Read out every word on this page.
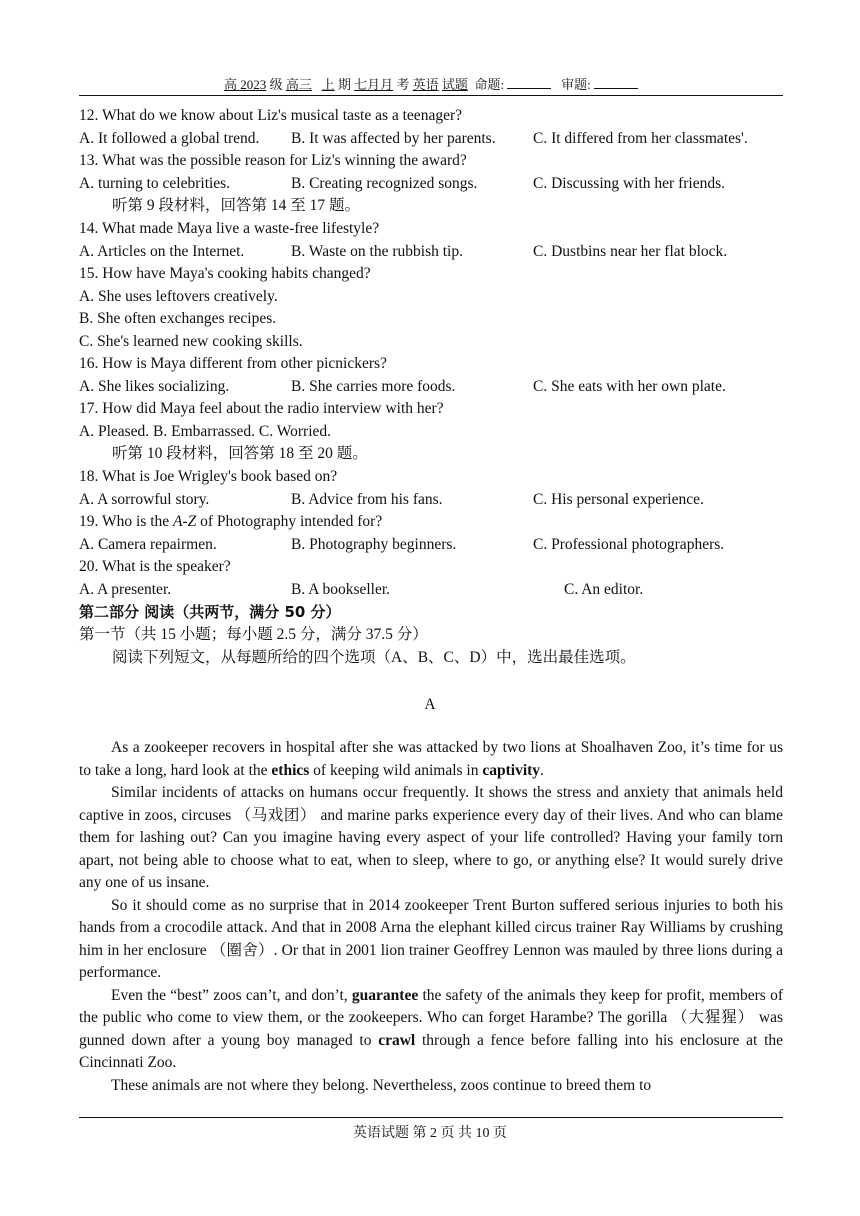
高 2023 级 高三 上 期 七月月 考 英语 试题 命题:	审题:
12. What do we know about Liz's musical taste as a teenager?
A. It followed a global trend. B. It was affected by her parents. C. It differed from her classmates'.
13. What was the possible reason for Liz's winning the award?
A. turning to celebrities.	B. Creating recognized songs.	C. Discussing with her friends.
听第 9 段材料，回答第 14 至 17 题。
14. What made Maya live a waste-free lifestyle?
A. Articles on the Internet.	B. Waste on the rubbish tip.	C. Dustbins near her flat block.
15. How have Maya's cooking habits changed?
A. She uses leftovers creatively.
B. She often exchanges recipes.
C. She's learned new cooking skills.
16. How is Maya different from other picnickers?
A. She likes socializing.	B. She carries more foods.	C. She eats with her own plate.
17. How did Maya feel about the radio interview with her?
A. Pleased. B. Embarrassed. C. Worried.
听第 10 段材料，回答第 18 至 20 题。
18. What is Joe Wrigley's book based on?
A. A sorrowful story.	B. Advice from his fans.	C. His personal experience.
19. Who is the A-Z of Photography intended for?
A. Camera repairmen.	B. Photography beginners.	C. Professional photographers.
20. What is the speaker?
A. A presenter.	B. A bookseller.	C. An editor.
第二部分 阅读（共两节，满分 50 分）
第一节（共 15 小题；每小题 2.5 分，满分 37.5 分）
阅读下列短文，从每题所给的四个选项（A、B、C、D）中，选出最佳选项。
A

As a zookeeper recovers in hospital after she was attacked by two lions at Shoalhaven Zoo, it’s time for us to take a long, hard look at the ethics of keeping wild animals in captivity.

Similar incidents of attacks on humans occur frequently. It shows the stress and anxiety that animals held captive in zoos, circuses （马戏团） and marine parks experience every day of their lives. And who can blame them for lashing out? Can you imagine having every aspect of your life controlled? Having your family torn apart, not being able to choose what to eat, when to sleep, where to go, or anything else? It would surely drive any one of us insane.

So it should come as no surprise that in 2014 zookeeper Trent Burton suffered serious injuries to both his hands from a crocodile attack. And that in 2008 Arna the elephant killed circus trainer Ray Williams by crushing him in her enclosure （圈舍）. Or that in 2001 lion trainer Geoffrey Lennon was mauled by three lions during a performance.

Even the “best” zoos can’t, and don’t, guarantee the safety of the animals they keep for profit, members of the public who come to view them, or the zookeepers. Who can forget Harambe? The gorilla （大猩猩） was gunned down after a young boy managed to crawl through a fence before falling into his enclosure at the Cincinnati Zoo.

These animals are not where they belong. Nevertheless, zoos continue to breed them to

英语试题 第 2 页 共 10 页
